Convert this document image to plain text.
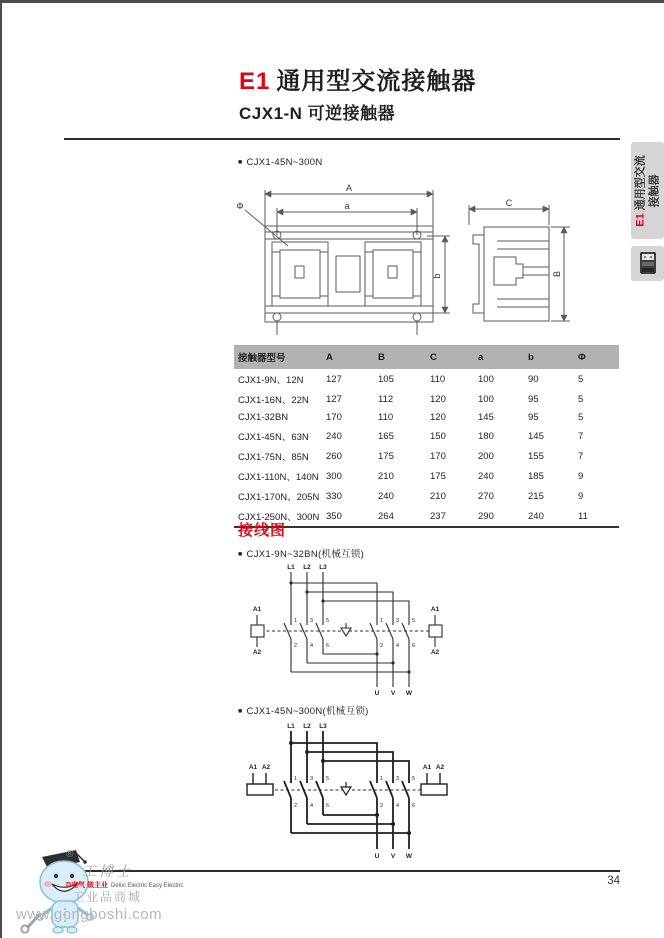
E1 通用型交流接触器
CJX1-N 可逆接触器
■ CJX1-45N~300N
A
a
Φ
b
C
B
接触器型号	A	B	C	a	b	Φ
CJX1-9N、12N	127	105	110	100	90	5
CJX1-16N、22N	127	112	120	100	95	5
CJX1-32BN	170	110	120	145	95	5
CJX1-45N、63N	240	165	150	180	145	7
CJX1-75N、85N	260	175	170	200	155	7
CJX1-110N、140N	300	210	175	240	185	9
CJX1-170N、205N	330	240	210	270	215	9
CJX1-250N、300N	350	264	237	290	240	11
接线图
■ CJX1-9N~32BN(机械互锁)
L1 L2 L3
A1
A2
A1
A2
U V W
1 3 5	1 3 5
2 4 6	2 4 6
■ CJX1-45N~300N(机械互锁)
L1 L2 L3
A1 A2	A1 A2
U V W
1 3 5	1 3 5
2 4 6	2 4 6
E1通用型交流 接触器
34
®
工博士
D电气 做主业 Delixi Electric Easy Electric
工业品商城
www.gongboshi.com
